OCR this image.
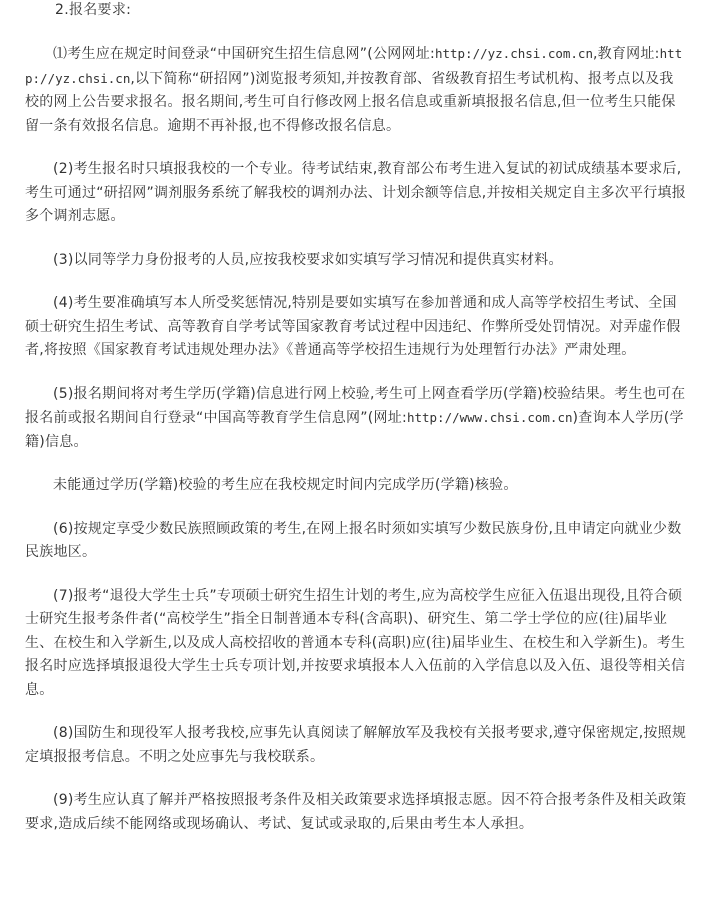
2.报名要求:

⑴考生应在规定时间登录“中国研究生招生信息网”(公网网址:http://yz.chsi.com.cn,教育网址:http://yz.chsi.cn,以下简称“研招网”)浏览报考须知,并按教育部、省级教育招生考试机构、报考点以及我校的网上公告要求报名。报名期间,考生可自行修改网上报名信息或重新填报报名信息,但一位考生只能保留一条有效报名信息。逾期不再补报,也不得修改报名信息。

(2)考生报名时只填报我校的一个专业。待考试结束,教育部公布考生进入复试的初试成绩基本要求后,考生可通过“研招网”调剂服务系统了解我校的调剂办法、计划余额等信息,并按相关规定自主多次平行填报多个调剂志愿。

(3)以同等学力身份报考的人员,应按我校要求如实填写学习情况和提供真实材料。

(4)考生要准确填写本人所受奖惩情况,特别是要如实填写在参加普通和成人高等学校招生考试、全国硕士研究生招生考试、高等教育自学考试等国家教育考试过程中因违纪、作弊所受处罚情况。对弄虚作假者,将按照《国家教育考试违规处理办法》《普通高等学校招生违规行为处理暂行办法》严肃处理。

(5)报名期间将对考生学历(学籍)信息进行网上校验,考生可上网查看学历(学籍)校验结果。考生也可在报名前或报名期间自行登录“中国高等教育学生信息网”(网址:http://www.chsi.com.cn)查询本人学历(学籍)信息。

未能通过学历(学籍)校验的考生应在我校规定时间内完成学历(学籍)核验。

(6)按规定享受少数民族照顾政策的考生,在网上报名时须如实填写少数民族身份,且申请定向就业少数民族地区。

(7)报考“退役大学生士兵”专项硕士研究生招生计划的考生,应为高校学生应征入伍退出现役,且符合硕士研究生报考条件者(“高校学生”指全日制普通本专科(含高职)、研究生、第二学士学位的应(往)届毕业生、在校生和入学新生,以及成人高校招收的普通本专科(高职)应(往)届毕业生、在校生和入学新生)。考生报名时应选择填报退役大学生士兵专项计划,并按要求填报本人入伍前的入学信息以及入伍、退役等相关信息。

(8)国防生和现役军人报考我校,应事先认真阅读了解解放军及我校有关报考要求,遵守保密规定,按照规定填报报考信息。不明之处应事先与我校联系。

(9)考生应认真了解并严格按照报考条件及相关政策要求选择填报志愿。因不符合报考条件及相关政策要求,造成后续不能网络或现场确认、考试、复试或录取的,后果由考生本人承担。
